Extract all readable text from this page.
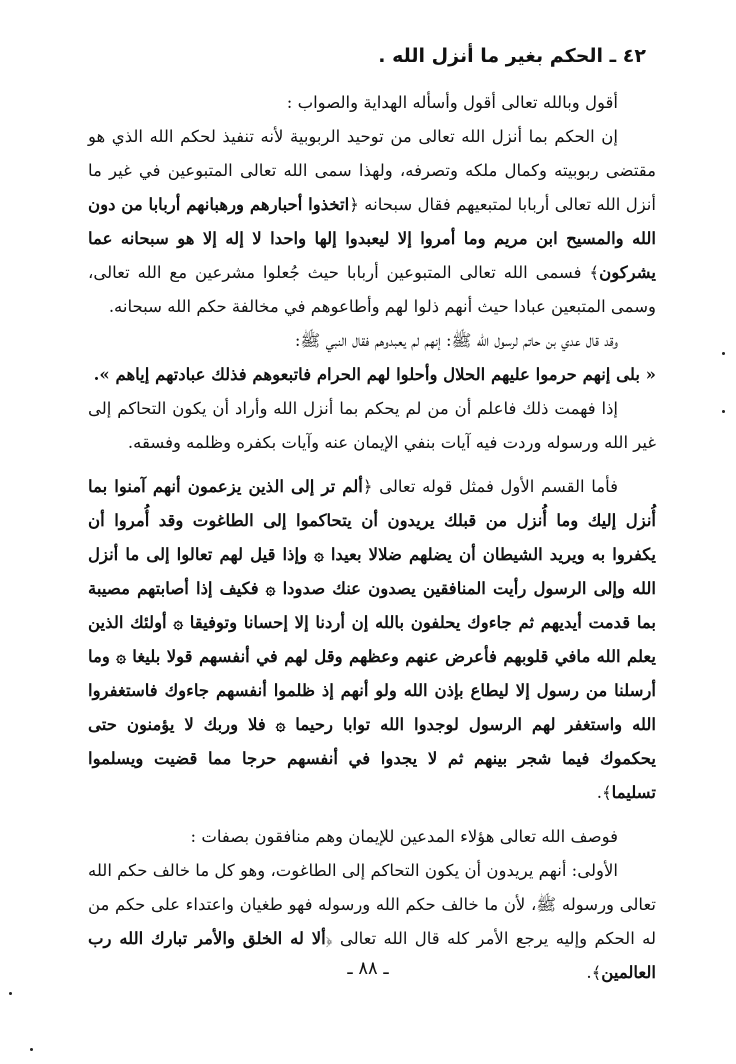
٤٢ ـ الحكم بغير ما أنزل الله .

أقول وبالله تعالى أقول وأسأله الهداية والصواب :

إن الحكم بما أنزل الله تعالى من توحيد الربوبية لأنه تنفيذ لحكم الله الذي هو مقتضى ربوبيته وكمال ملكه وتصرفه، ولهذا سمى الله تعالى المتبوعين في غير ما أنزل الله تعالى أربابا لمتبعيهم فقال سبحانه ﴿اتخذوا أحبارهم ورهبانهم أربابا من دون الله والمسيح ابن مريم وما أمروا إلا ليعبدوا إلها واحدا لا إله إلا هو سبحانه عما يشركون﴾ فسمى الله تعالى المتبوعين أربابا حيث جُعلوا مشرعين مع الله تعالى، وسمى المتبعين عبادا حيث أنهم ذلوا لهم وأطاعوهم في مخالفة حكم الله سبحانه.

وقد قال عدي بن حاتم لرسول الله ﷺ: إنهم لم يعبدوهم فقال النبي ﷺ:

« بلى إنهم حرموا عليهم الحلال وأحلوا لهم الحرام فاتبعوهم فذلك عبادتهم إياهم ».

إذا فهمت ذلك فاعلم أن من لم يحكم بما أنزل الله وأراد أن يكون التحاكم إلى غير الله ورسوله وردت فيه آيات بنفي الإيمان عنه وآيات بكفره وظلمه وفسقه.

فأما القسم الأول فمثل قوله تعالى ﴿ألم تر إلى الذين يزعمون أنهم آمنوا بما أُنزل إليك وما أُنزل من قبلك يريدون أن يتحاكموا إلى الطاغوت وقد أُمروا أن يكفروا به ويريد الشيطان أن يضلهم ضلالا بعيدا ۞ وإذا قيل لهم تعالوا إلى ما أنزل الله وإلى الرسول رأيت المنافقين يصدون عنك صدودا ۞ فكيف إذا أصابتهم مصيبة بما قدمت أيديهم ثم جاءوك يحلفون بالله إن أردنا إلا إحسانا وتوفيقا ۞ أولئك الذين يعلم الله مافي قلوبهم فأعرض عنهم وعظهم وقل لهم في أنفسهم قولا بليغا ۞ وما أرسلنا من رسول إلا ليطاع بإذن الله ولو أنهم إذ ظلموا أنفسهم جاءوك فاستغفروا الله واستغفر لهم الرسول لوجدوا الله توابا رحيما ۞ فلا وربك لا يؤمنون حتى يحكموك فيما شجر بينهم ثم لا يجدوا في أنفسهم حرجا مما قضيت ويسلموا تسليما﴾.

فوصف الله تعالى هؤلاء المدعين للإيمان وهم منافقون بصفات :

الأولى: أنهم يريدون أن يكون التحاكم إلى الطاغوت، وهو كل ما خالف حكم الله تعالى ورسوله ﷺ، لأن ما خالف حكم الله ورسوله فهو طغيان واعتداء على حكم من له الحكم وإليه يرجع الأمر كله قال الله تعالى ﴿ألا له الخلق والأمر تبارك الله رب العالمين﴾.

ـ ٨٨ ـ
